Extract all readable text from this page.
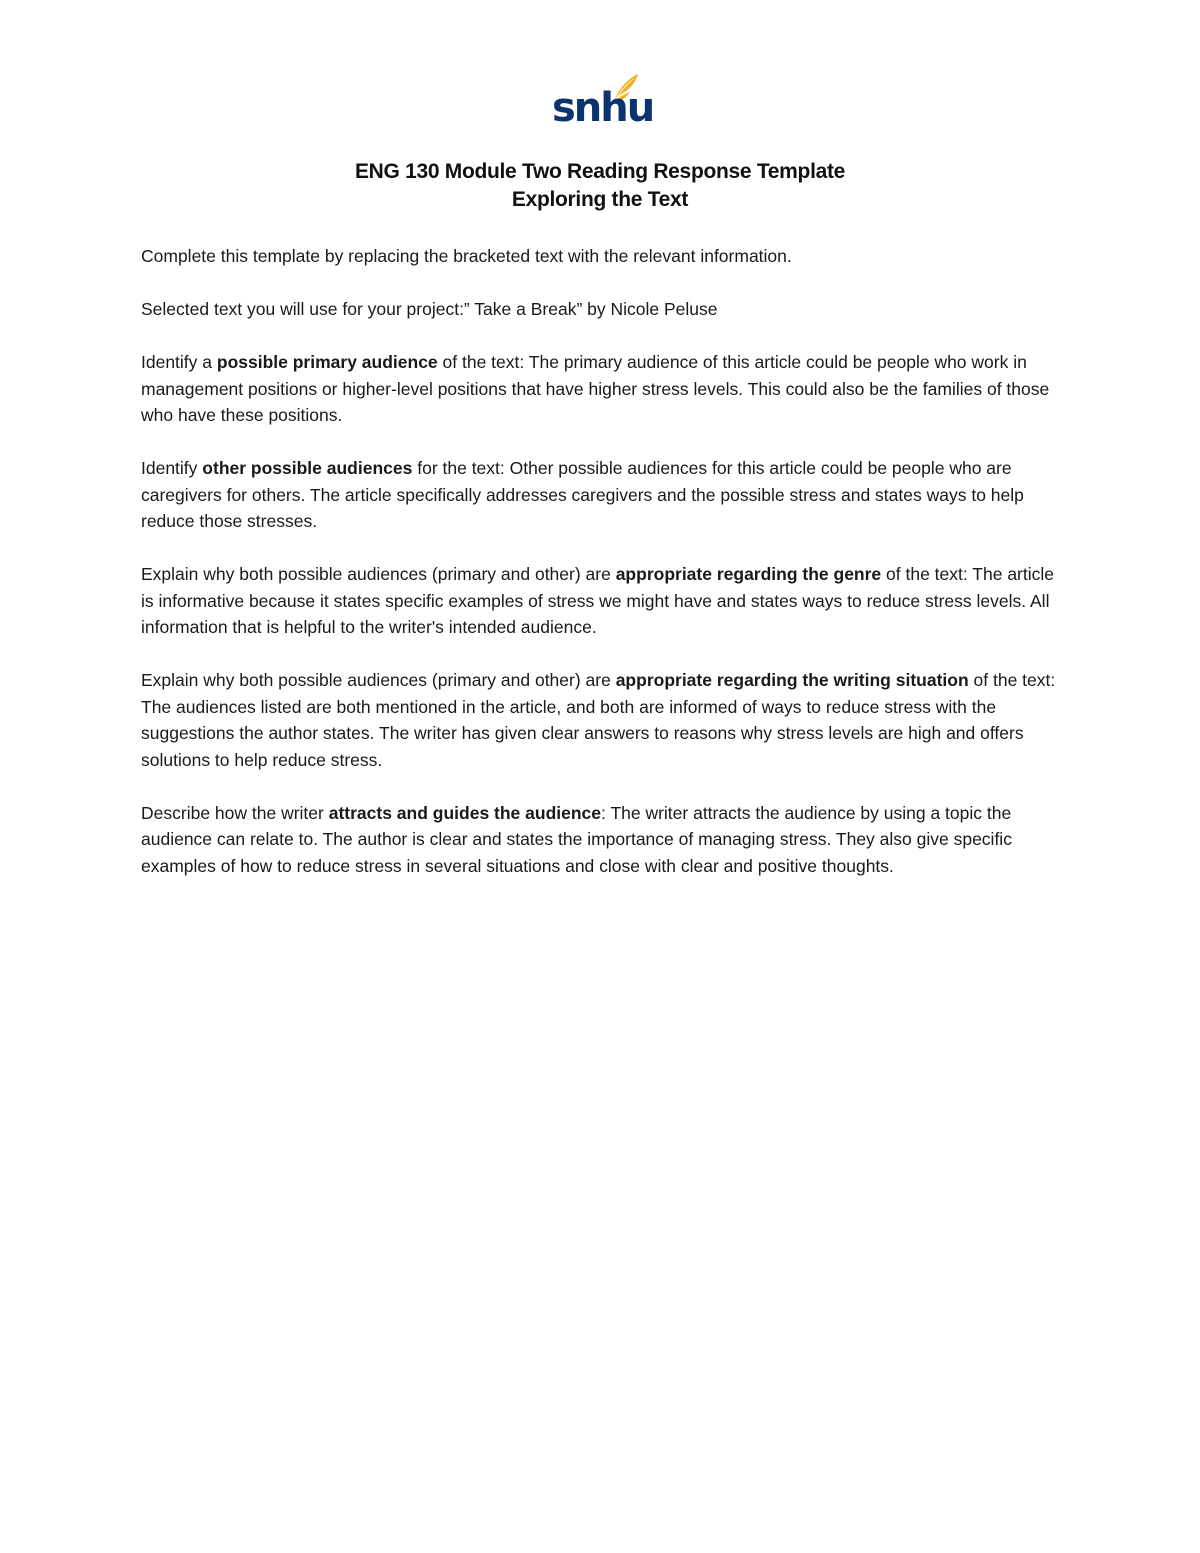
snhu
ENG 130 Module Two Reading Response Template
Exploring the Text

Complete this template by replacing the bracketed text with the relevant information.

Selected text you will use for your project:” Take a Break” by Nicole Peluse

Identify a possible primary audience of the text: The primary audience of this article could be people who work in management positions or higher-level positions that have higher stress levels. This could also be the families of those who have these positions.

Identify other possible audiences for the text: Other possible audiences for this article could be people who are caregivers for others. The article specifically addresses caregivers and the possible stress and states ways to help reduce those stresses.

Explain why both possible audiences (primary and other) are appropriate regarding the genre of the text: The article is informative because it states specific examples of stress we might have and states ways to reduce stress levels. All information that is helpful to the writer's intended audience.

Explain why both possible audiences (primary and other) are appropriate regarding the writing situation of the text: The audiences listed are both mentioned in the article, and both are informed of ways to reduce stress with the suggestions the author states. The writer has given clear answers to reasons why stress levels are high and offers solutions to help reduce stress.

Describe how the writer attracts and guides the audience: The writer attracts the audience by using a topic the audience can relate to. The author is clear and states the importance of managing stress. They also give specific examples of how to reduce stress in several situations and close with clear and positive thoughts.
